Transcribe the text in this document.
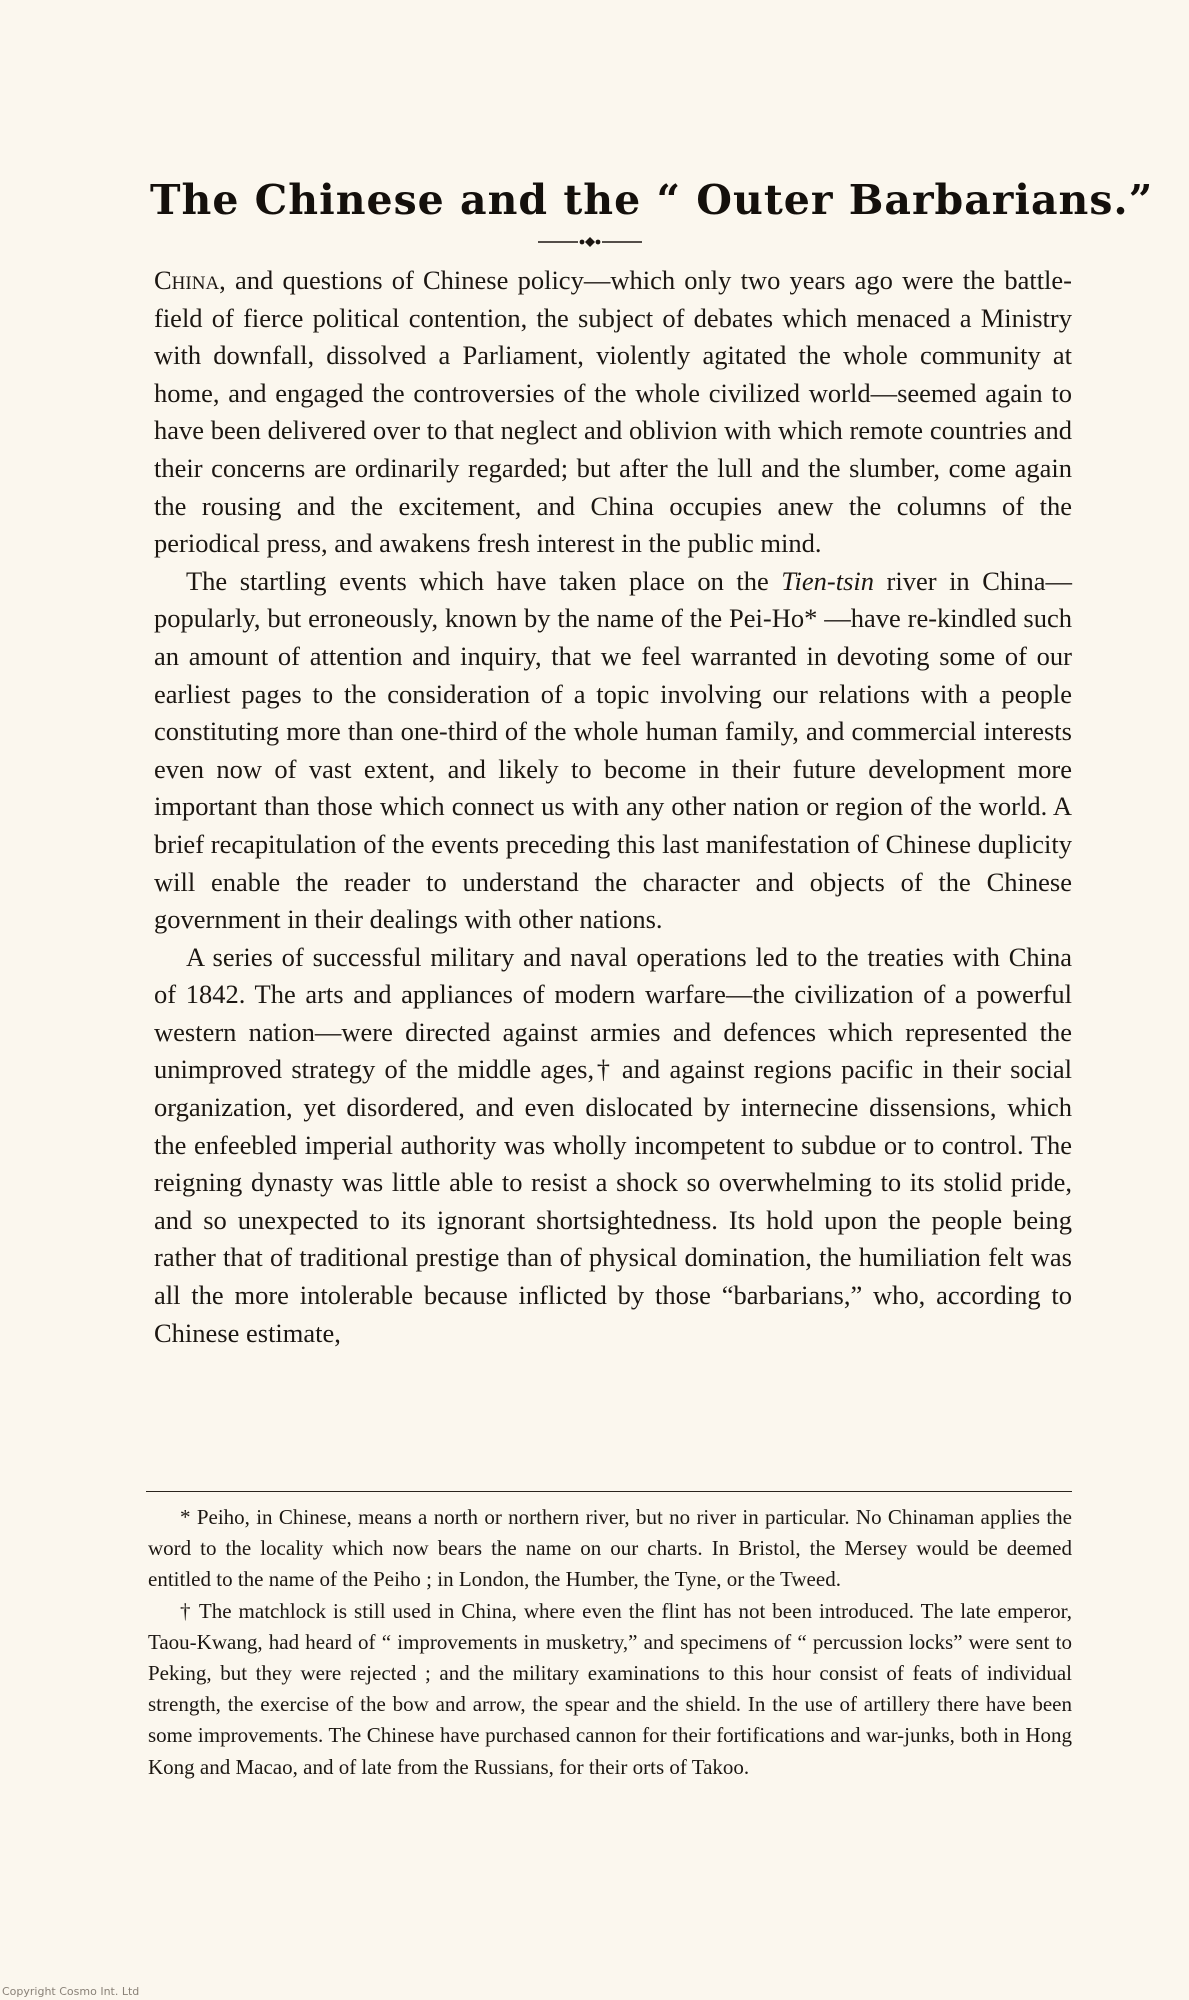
The Chinese and the “ Outer Barbarians.”

China, and questions of Chinese policy—which only two years ago were the battle-field of fierce political contention, the subject of debates which menaced a Ministry with downfall, dissolved a Parliament, violently agitated the whole community at home, and engaged the controversies of the whole civilized world—seemed again to have been delivered over to that neglect and oblivion with which remote countries and their concerns are ordinarily regarded; but after the lull and the slumber, come again the rousing and the excitement, and China occupies anew the columns of the periodical press, and awakens fresh interest in the public mind.

The startling events which have taken place on the Tien-tsin river in China—popularly, but erroneously, known by the name of the Pei-Ho* —have re-kindled such an amount of attention and inquiry, that we feel warranted in devoting some of our earliest pages to the consideration of a topic involving our relations with a people constituting more than one-third of the whole human family, and commercial interests even now of vast extent, and likely to become in their future development more important than those which connect us with any other nation or region of the world. A brief recapitulation of the events preceding this last manifestation of Chinese duplicity will enable the reader to understand the character and objects of the Chinese government in their dealings with other nations.

A series of successful military and naval operations led to the treaties with China of 1842. The arts and appliances of modern warfare—the civilization of a powerful western nation—were directed against armies and defences which represented the unimproved strategy of the middle ages,† and against regions pacific in their social organization, yet disordered, and even dislocated by internecine dissensions, which the enfeebled imperial authority was wholly incompetent to subdue or to control. The reigning dynasty was little able to resist a shock so overwhelming to its stolid pride, and so unexpected to its ignorant shortsightedness. Its hold upon the people being rather that of traditional prestige than of physical domination, the humiliation felt was all the more intolerable because inflicted by those “barbarians,” who, according to Chinese estimate,

* Peiho, in Chinese, means a north or northern river, but no river in particular. No Chinaman applies the word to the locality which now bears the name on our charts. In Bristol, the Mersey would be deemed entitled to the name of the Peiho ; in London, the Humber, the Tyne, or the Tweed.

† The matchlock is still used in China, where even the flint has not been introduced. The late emperor, Taou-Kwang, had heard of “ improvements in musketry,” and specimens of “ percussion locks” were sent to Peking, but they were rejected ; and the military examinations to this hour consist of feats of individual strength, the exercise of the bow and arrow, the spear and the shield. In the use of artillery there have been some improvements. The Chinese have purchased cannon for their fortifications and war-junks, both in Hong Kong and Macao, and of late from the Russians, for their orts of Takoo.

Copyright Cosmo Int. Ltd
